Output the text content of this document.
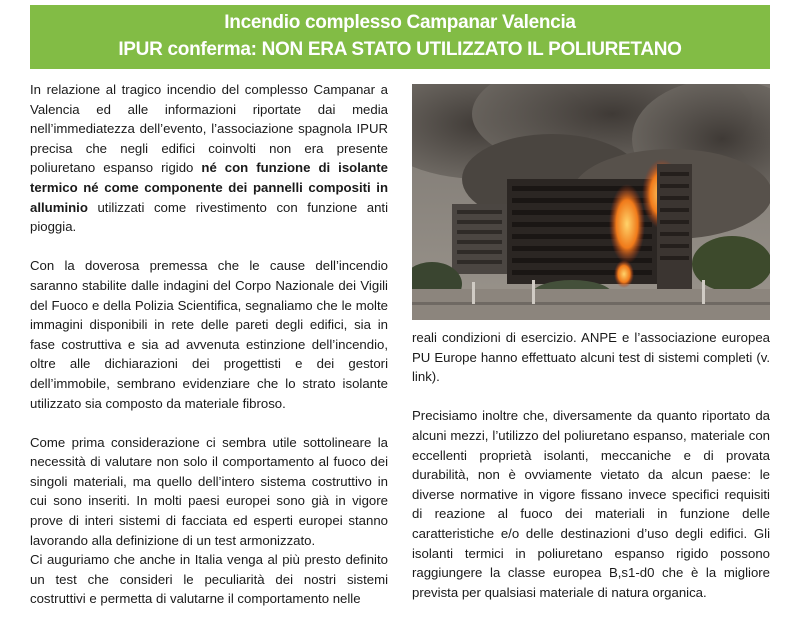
Incendio complesso Campanar Valencia
IPUR conferma: NON ERA STATO UTILIZZATO IL POLIURETANO

In relazione al tragico incendio del complesso Campanar a Valencia ed alle informazioni riportate dai media nell’immediatezza dell’evento, l’associazione spagnola IPUR precisa che negli edifici coinvolti non era presente poliuretano espanso rigido né con funzione di isolante termico né come componente dei pannelli compositi in alluminio utilizzati come rivestimento con funzione anti pioggia.

Con la doverosa premessa che le cause dell’incendio saranno stabilite dalle indagini del Corpo Nazionale dei Vigili del Fuoco e della Polizia Scientifica, segnaliamo che le molte immagini disponibili in rete delle pareti degli edifici, sia in fase costruttiva e sia ad avvenuta estinzione dell’incendio, oltre alle dichiarazioni dei progettisti e dei gestori dell’immobile, sembrano evidenziare che lo strato isolante utilizzato sia composto da materiale fibroso.

Come prima considerazione ci sembra utile sottolineare la necessità di valutare non solo il comportamento al fuoco dei singoli materiali, ma quello dell’intero sistema costruttivo in cui sono inseriti. In molti paesi europei sono già in vigore prove di interi sistemi di facciata ed esperti europei stanno lavorando alla definizione di un test armonizzato.

Ci auguriamo che anche in Italia venga al più presto definito un test che consideri le peculiarità dei nostri sistemi costruttivi e permetta di valutarne il comportamento nelle

reali condizioni di esercizio. ANPE e l’associazione europea PU Europe hanno effettuato alcuni test di sistemi completi (v. link).

Precisiamo inoltre che, diversamente da quanto riportato da alcuni mezzi, l’utilizzo del poliuretano espanso, materiale con eccellenti proprietà isolanti, meccaniche e di provata durabilità, non è ovviamente vietato da alcun paese: le diverse normative in vigore fissano invece specifici requisiti di reazione al fuoco dei materiali in funzione delle caratteristiche e/o delle destinazioni d’uso degli edifici. Gli isolanti termici in poliuretano espanso rigido possono raggiungere la classe europea B,s1-d0 che è la migliore prevista per qualsiasi materiale di natura organica.
